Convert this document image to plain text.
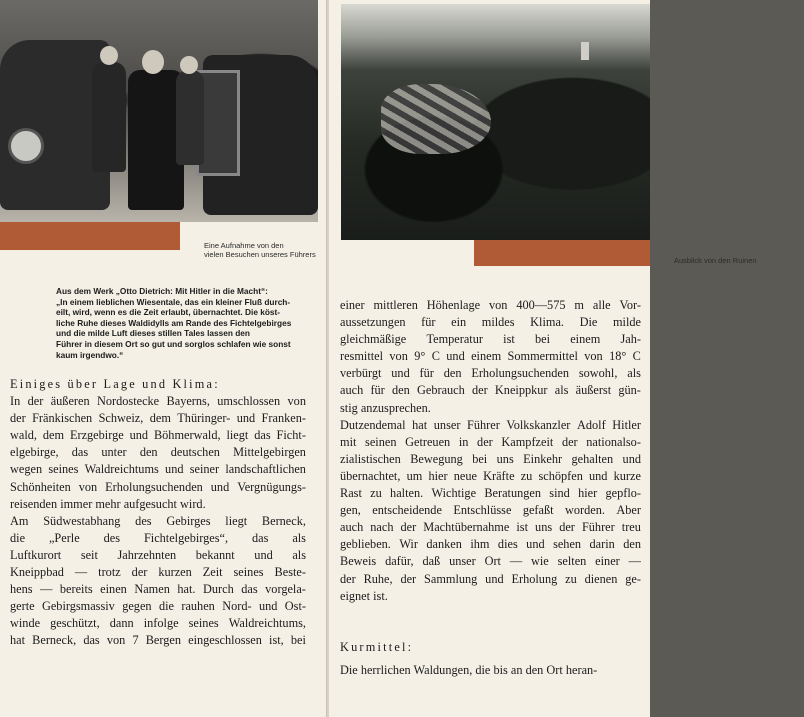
Eine Aufnahme von den
vielen Besuchen unseres Führers
Aus dem Werk „Otto Dietrich: Mit Hitler in die Macht“:
„In einem lieblichen Wiesentale, das ein kleiner Fluß durch-
eilt, wird, wenn es die Zeit erlaubt, übernachtet. Die köst-
liche Ruhe dieses Waldidylls am Rande des Fichtelgebirges
und die milde Luft dieses stillen Tales lassen den
Führer in diesem Ort so gut und sorglos schlafen wie sonst
kaum irgendwo.“
Einiges über Lage und Klima:
In der äußeren Nordostecke Bayerns, umschlossen von
der Fränkischen Schweiz, dem Thüringer- und Franken-
wald, dem Erzgebirge und Böhmerwald, liegt das Ficht-
elgebirge, das unter den deutschen Mittelgebirgen
wegen seines Waldreichtums und seiner landschaftlichen
Schönheiten von Erholungsuchenden und Vergnügungs-
reisenden immer mehr aufgesucht wird.
Am Südwestabhang des Gebirges liegt Berneck,
die „Perle des Fichtelgebirges“, das als
Luftkurort seit Jahrzehnten bekannt und als
Kneippbad — trotz der kurzen Zeit seines Beste-
hens — bereits einen Namen hat. Durch das vorgela-
gerte Gebirgsmassiv gegen die rauhen Nord- und Ost-
winde geschützt, dann infolge seines Waldreichtums,
hat Berneck, das von 7 Bergen eingeschlossen ist, bei
Ausblick von den Ruinen
einer mittleren Höhenlage von 400—575 m alle Vor-
aussetzungen für ein mildes Klima. Die milde
gleichmäßige Temperatur ist bei einem Jah-
resmittel von 9° C und einem Sommermittel von 18° C
verbürgt und für den Erholungsuchenden sowohl, als
auch für den Gebrauch der Kneippkur als äußerst gün-
stig anzusprechen.
Dutzendemal hat unser Führer Volkskanzler Adolf Hitler
mit seinen Getreuen in der Kampfzeit der nationalso-
zialistischen Bewegung bei uns Einkehr gehalten und
übernachtet, um hier neue Kräfte zu schöpfen und kurze
Rast zu halten. Wichtige Beratungen sind hier gepflo-
gen, entscheidende Entschlüsse gefaßt worden. Aber
auch nach der Machtübernahme ist uns der Führer treu
geblieben. Wir danken ihm dies und sehen darin den
Beweis dafür, daß unser Ort — wie selten einer —
der Ruhe, der Sammlung und Erholung zu dienen ge-
eignet ist.
Kurmittel:
Die herrlichen Waldungen, die bis an den Ort heran-
